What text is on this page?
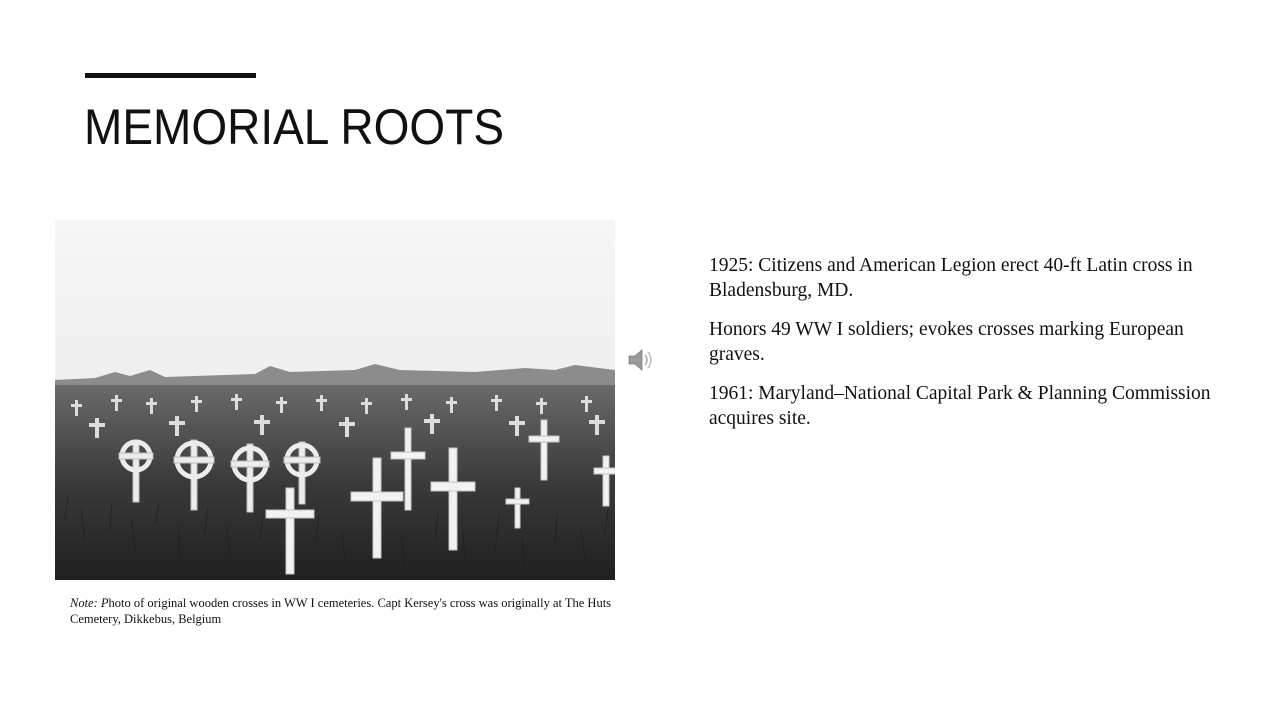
MEMORIAL ROOTS
Note: Photo of original wooden crosses in WW I cemeteries. Capt Kersey's cross was originally at The Huts Cemetery, Dikkebus, Belgium
1925: Citizens and American Legion erect 40-ft Latin cross in Bladensburg, MD.
Honors 49 WW I soldiers; evokes crosses marking European graves.
1961: Maryland–National Capital Park & Planning Commission acquires site.
